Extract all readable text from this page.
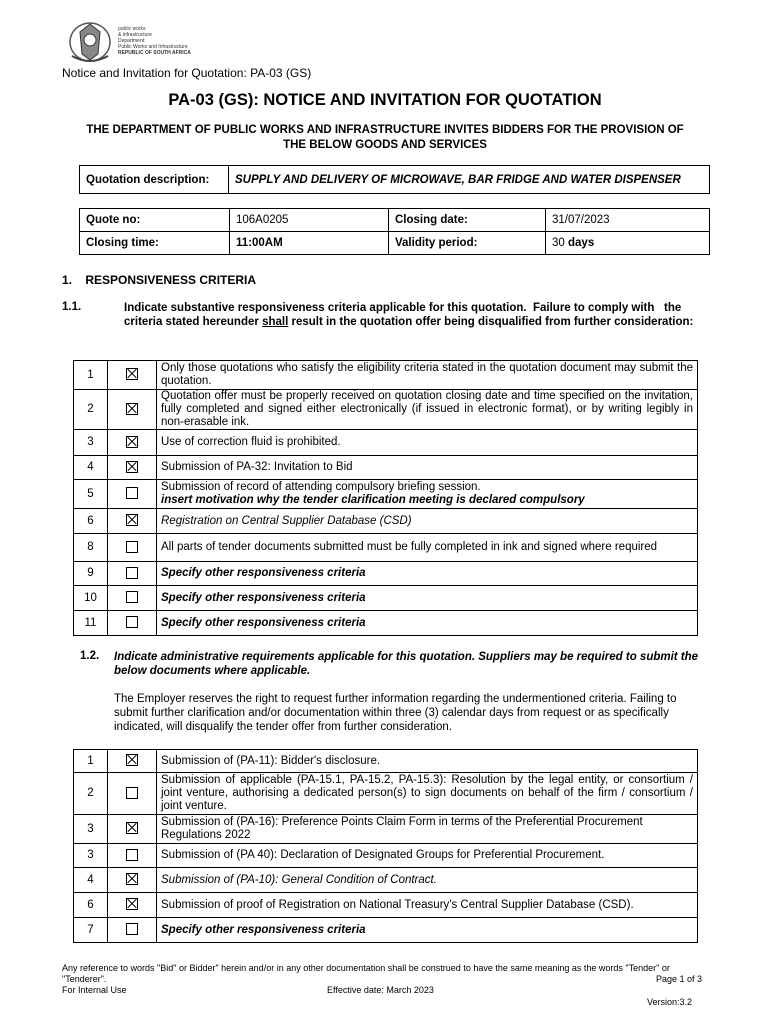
public works
& infrastructure
Department:
Public Works and Infrastructure
REPUBLIC OF SOUTH AFRICA
Notice and Invitation for Quotation: PA-03 (GS)
PA-03 (GS): NOTICE AND INVITATION FOR QUOTATION
THE DEPARTMENT OF PUBLIC WORKS AND INFRASTRUCTURE INVITES BIDDERS FOR THE PROVISION OF THE BELOW GOODS AND SERVICES
Quotation description:	SUPPLY AND DELIVERY OF MICROWAVE, BAR FRIDGE AND WATER DISPENSER
Quote no:	106A0205	Closing date:	31/07/2023
Closing time:	11:00AM	Validity period:	30 days
1.    RESPONSIVENESS CRITERIA
1.1.	Indicate substantive responsiveness criteria applicable for this quotation.  Failure to comply with   the criteria stated hereunder shall result in the quotation offer being disqualified from further consideration:
1		Only those quotations who satisfy the eligibility criteria stated in the quotation document may submit the quotation.
2		Quotation offer must be properly received on quotation closing date and time specified on the invitation, fully completed and signed either electronically (if issued in electronic format), or by writing legibly in non-erasable ink.
3		Use of correction fluid is prohibited.
4		Submission of PA-32: Invitation to Bid
5		Submission of record of attending compulsory briefing session.
insert motivation why the tender clarification meeting is declared compulsory

6		Registration on Central Supplier Database (CSD)
8		All parts of tender documents submitted must be fully completed in ink and signed where required
9		Specify other responsiveness criteria
10		Specify other responsiveness criteria
11		Specify other responsiveness criteria
1.2. Indicate administrative requirements applicable for this quotation. Suppliers may be required to submit the below documents where applicable.
The Employer reserves the right to request further information regarding the undermentioned criteria. Failing to submit further clarification and/or documentation within three (3) calendar days from request or as specifically indicated, will disqualify the tender offer from further consideration.
1		Submission of (PA-11): Bidder's disclosure.
2		Submission of applicable (PA-15.1, PA-15.2, PA-15.3): Resolution by the legal entity, or consortium / joint venture, authorising a dedicated person(s) to sign documents on behalf of the firm / consortium / joint venture.
3		Submission of (PA-16): Preference Points Claim Form in terms of the Preferential Procurement Regulations 2022
3		Submission of (PA 40): Declaration of Designated Groups for Preferential Procurement.
4		Submission of (PA-10): General Condition of Contract.
6		Submission of proof of Registration on National Treasury's Central Supplier Database (CSD).
7		Specify other responsiveness criteria
Any reference to words "Bid" or Bidder" herein and/or in any other documentation shall be construed to have the same meaning as the words "Tender" or "Tenderer".	Page 1 of 3
For Internal Use	Effective date: March 2023
Version:3.2
